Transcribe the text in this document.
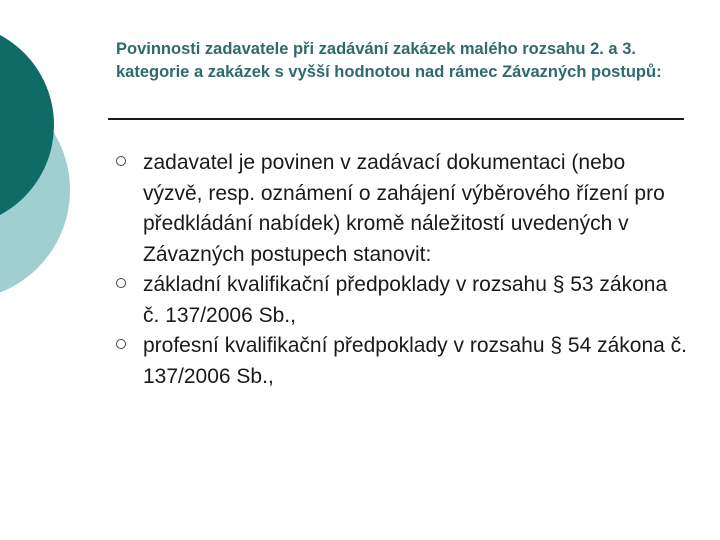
Povinnosti zadavatele při zadávání zakázek malého rozsahu 2. a 3. kategorie a zakázek s vyšší hodnotou nad rámec Závazných postupů:
zadavatel je povinen v zadávací dokumentaci (nebo výzvě, resp. oznámení o zahájení výběrového řízení pro předkládání nabídek) kromě náležitostí uvedených v Závazných postupech stanovit:
základní kvalifikační předpoklady v rozsahu § 53 zákona č. 137/2006 Sb.,
profesní kvalifikační předpoklady v rozsahu § 54 zákona č. 137/2006 Sb.,
